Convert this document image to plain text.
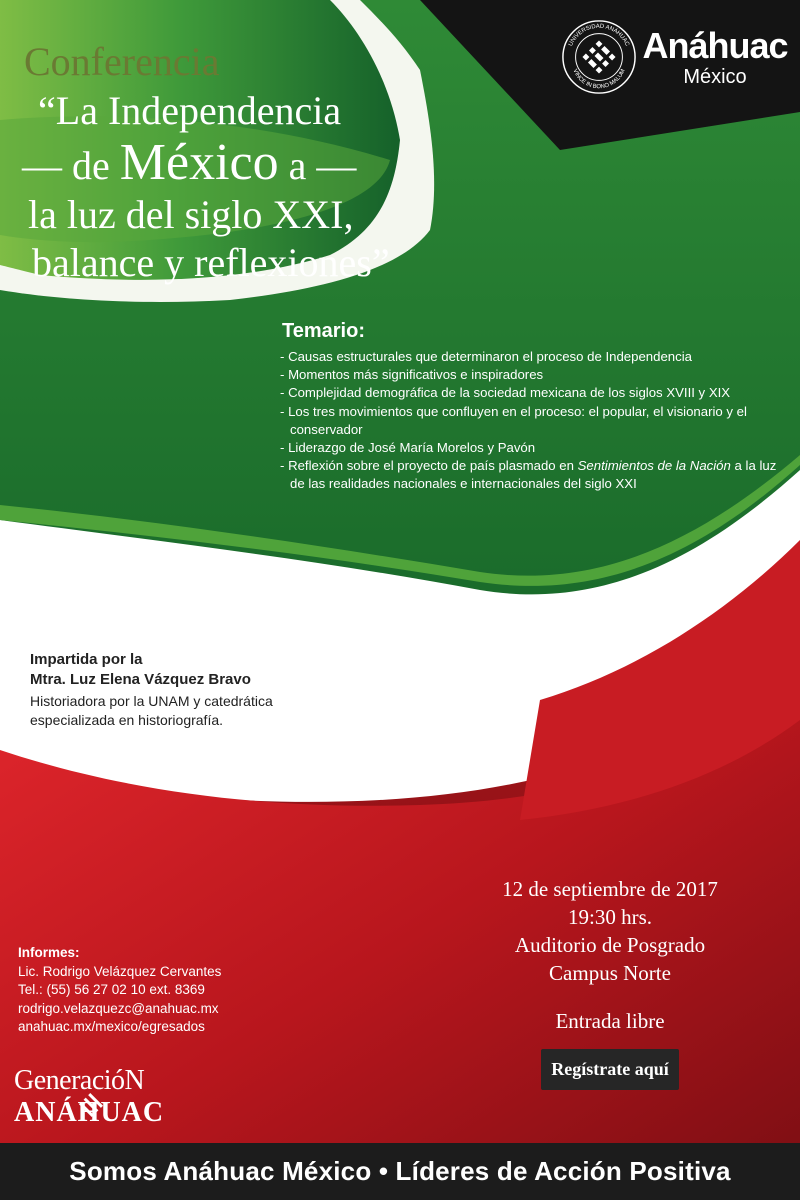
Conferencia
“La Independencia
— de México a —
la luz del siglo XXI,
balance y reflexiones”
UNIVERSIDAD ANÁHUAC
VINCE IN BONO MALUM
Anáhuac
México
Temario:
- Causas estructurales que determinaron el proceso de Independencia
- Momentos más significativos e inspiradores
- Complejidad demográfica de la sociedad mexicana de los siglos XVIII y XIX
- Los tres movimientos que confluyen en el proceso: el popular, el visionario y el conservador
- Liderazgo de José María Morelos y Pavón
- Reflexión sobre el proyecto de país plasmado en Sentimientos de la Nación a la luz de las realidades nacionales e internacionales del siglo XXI
Impartida por la
Mtra. Luz Elena Vázquez Bravo
Historiadora por la UNAM y catedrática especializada en historiografía.
12 de septiembre de 2017
19:30 hrs.
Auditorio de Posgrado
Campus Norte
Entrada libre
Regístrate aquí
Informes:
Lic. Rodrigo Velázquez Cervantes
Tel.: (55) 56 27 02 10 ext. 8369
rodrigo.velazquezc@anahuac.mx
anahuac.mx/mexico/egresados
GeneracióN
ANÁHUAC
Somos Anáhuac México • Líderes de Acción Positiva
